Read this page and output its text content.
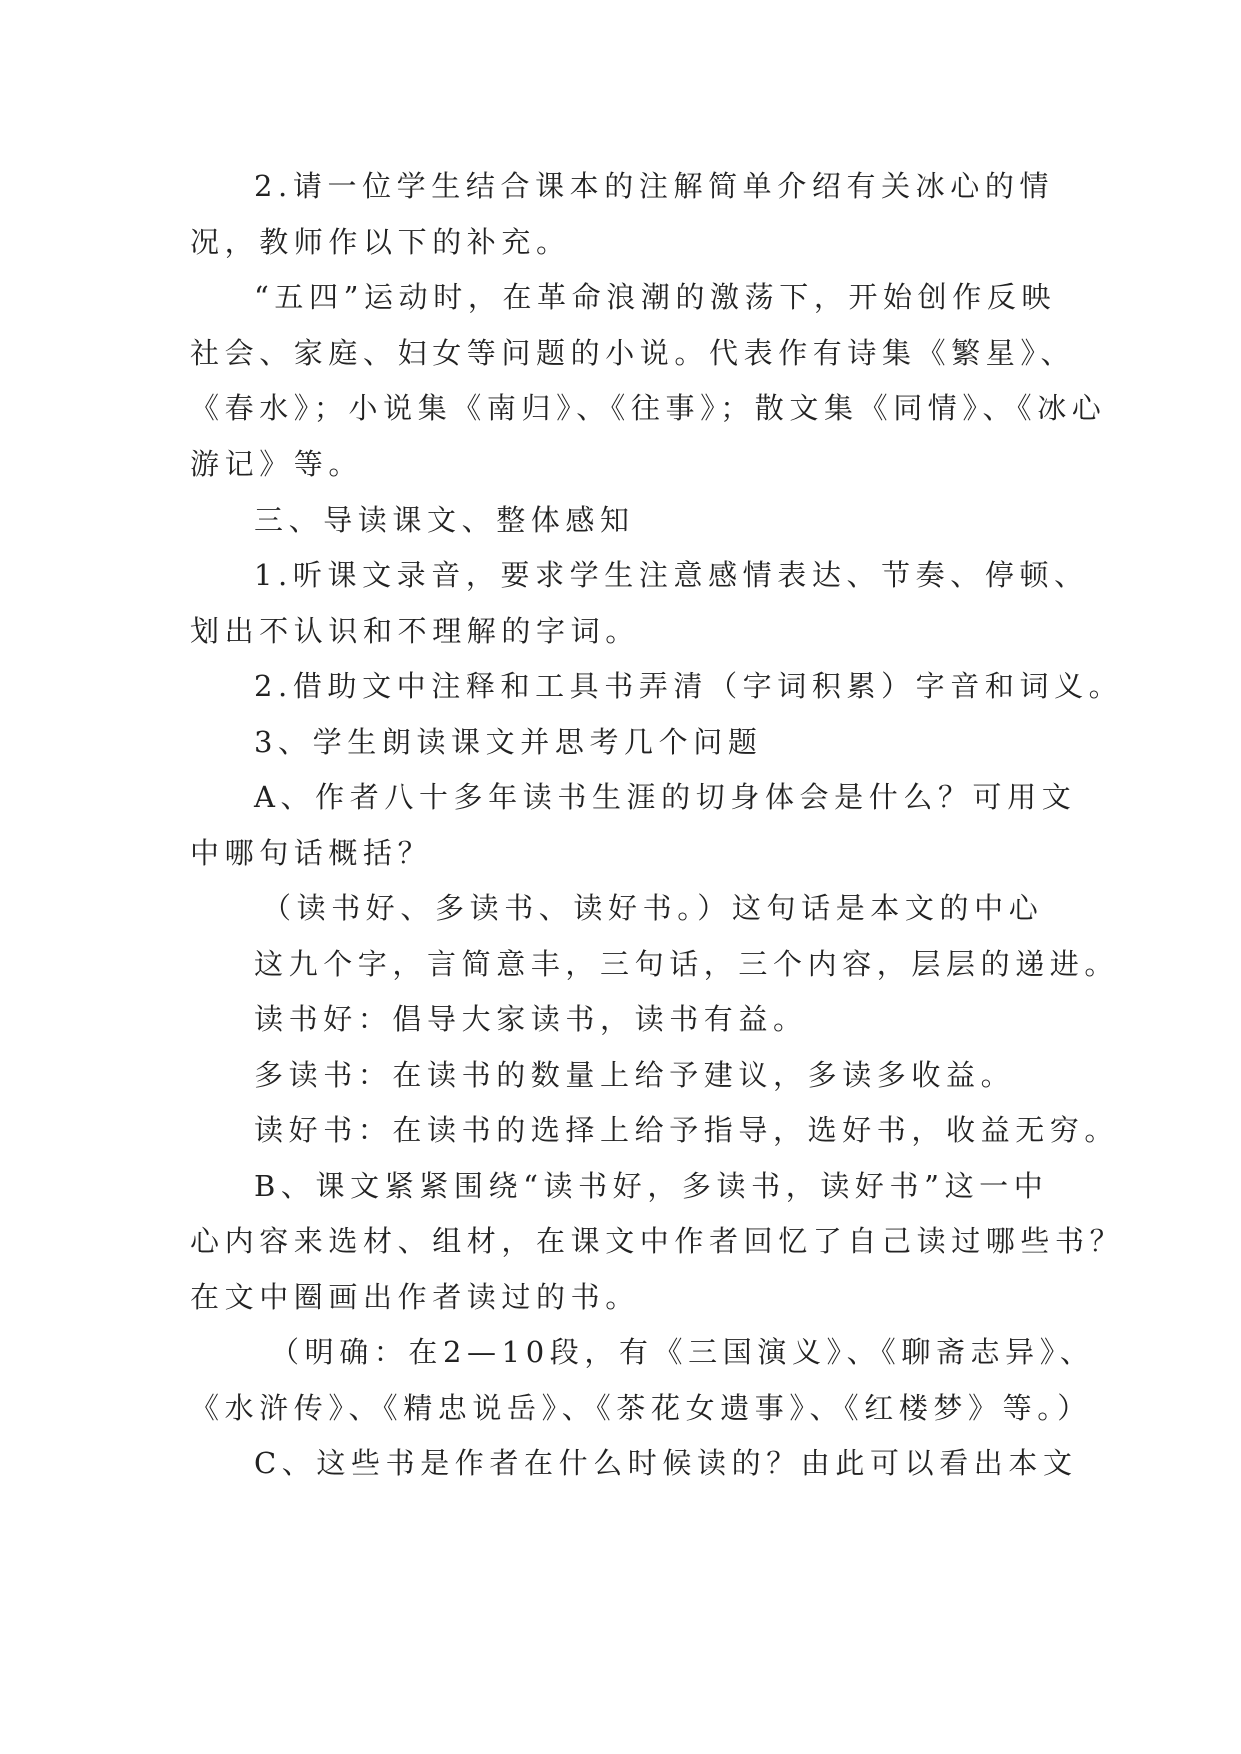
2.请一位学生结合课本的注解简单介绍有关冰心的情
况，教师作以下的补充。
“五四”运动时，在革命浪潮的激荡下，开始创作反映
社会、家庭、妇女等问题的小说。代表作有诗集《繁星》、
《春水》；小说集《南归》、《往事》；散文集《同情》、《冰心
游记》等。
三、导读课文、整体感知
1.听课文录音，要求学生注意感情表达、节奏、停顿、
划出不认识和不理解的字词。
2.借助文中注释和工具书弄清（字词积累）字音和词义。
3、学生朗读课文并思考几个问题
A、作者八十多年读书生涯的切身体会是什么？可用文
中哪句话概括？
（读书好、多读书、读好书。）这句话是本文的中心
这九个字，言简意丰，三句话，三个内容，层层的递进。
读书好：倡导大家读书，读书有益。
多读书：在读书的数量上给予建议，多读多收益。
读好书：在读书的选择上给予指导，选好书，收益无穷。
B、课文紧紧围绕“读书好，多读书，读好书”这一中
心内容来选材、组材，在课文中作者回忆了自己读过哪些书？
在文中圈画出作者读过的书。
（明确：在2—10段，有《三国演义》、《聊斋志异》、
《水浒传》、《精忠说岳》、《茶花女遗事》、《红楼梦》等。）
C、这些书是作者在什么时候读的？由此可以看出本文
